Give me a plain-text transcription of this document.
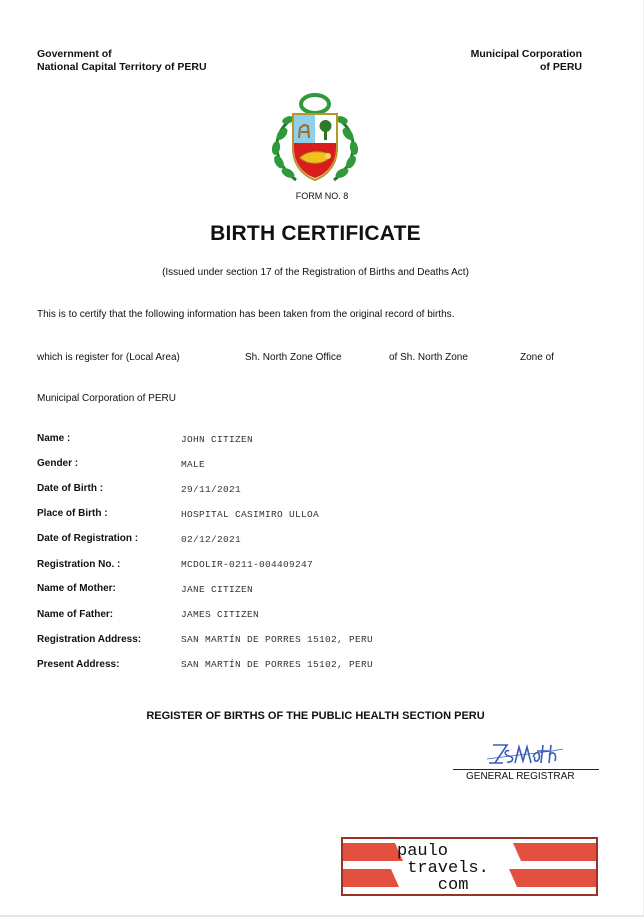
Government of
National Capital Territory of PERU
Municipal Corporation
of PERU
FORM NO. 8
BIRTH CERTIFICATE
(Issued under section 17 of the Registration of Births and Deaths Act)
This is to certify that the following information has been taken from the original record of births.
which is register for (Local Area)	Sh. North Zone Office	of Sh. North Zone	Zone of
Municipal Corporation of PERU
Name :	JOHN CITIZEN
Gender :	MALE
Date of Birth :	29/11/2021
Place of Birth :	HOSPITAL CASIMIRO ULLOA
Date of Registration :	02/12/2021
Registration No. :	MCDOLIR-0211-004409247
Name of Mother:	JANE CITIZEN
Name of Father:	JAMES CITIZEN
Registration Address:	SAN MARTÍN DE PORRES 15102, PERU
Present Address:	SAN MARTÍN DE PORRES 15102, PERU
REGISTER OF BIRTHS OF THE PUBLIC HEALTH SECTION PERU
GENERAL REGISTRAR
paulo
travels.
com
